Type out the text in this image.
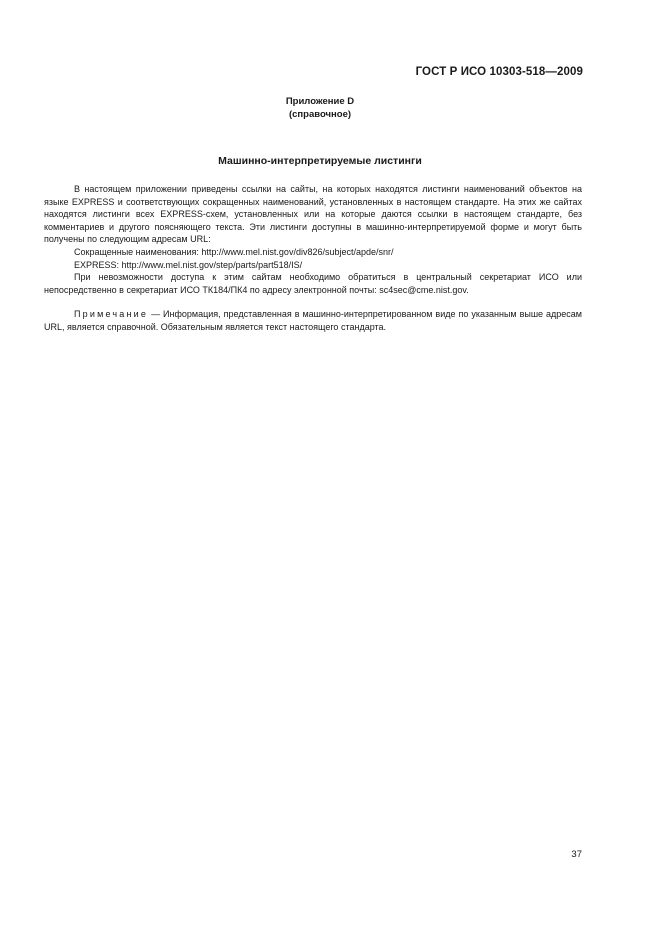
ГОСТ Р ИСО 10303-518—2009
Приложение D
(справочное)
Машинно-интерпретируемые листинги

В настоящем приложении приведены ссылки на сайты, на которых находятся листинги наименований объектов на языке EXPRESS и соответствующих сокращенных наименований, установленных в настоящем стандарте. На этих же сайтах находятся листинги всех EXPRESS-схем, установленных или на которые даются ссылки в настоящем стандарте, без комментариев и другого поясняющего текста. Эти листинги доступны в машинно-интерпретируемой форме и могут быть получены по следующим адресам URL:

Сокращенные наименования: http://www.mel.nist.gov/div826/subject/apde/snr/

EXPRESS: http://www.mel.nist.gov/step/parts/part518/IS/

При невозможности доступа к этим сайтам необходимо обратиться в центральный секретариат ИСО или непосредственно в секретариат ИСО ТК184/ПК4 по адресу электронной почты: sc4sec@cme.nist.gov.

Примечание — Информация, представленная в машинно-интерпретированном виде по указанным выше адресам URL, является справочной. Обязательным является текст настоящего стандарта.

37
